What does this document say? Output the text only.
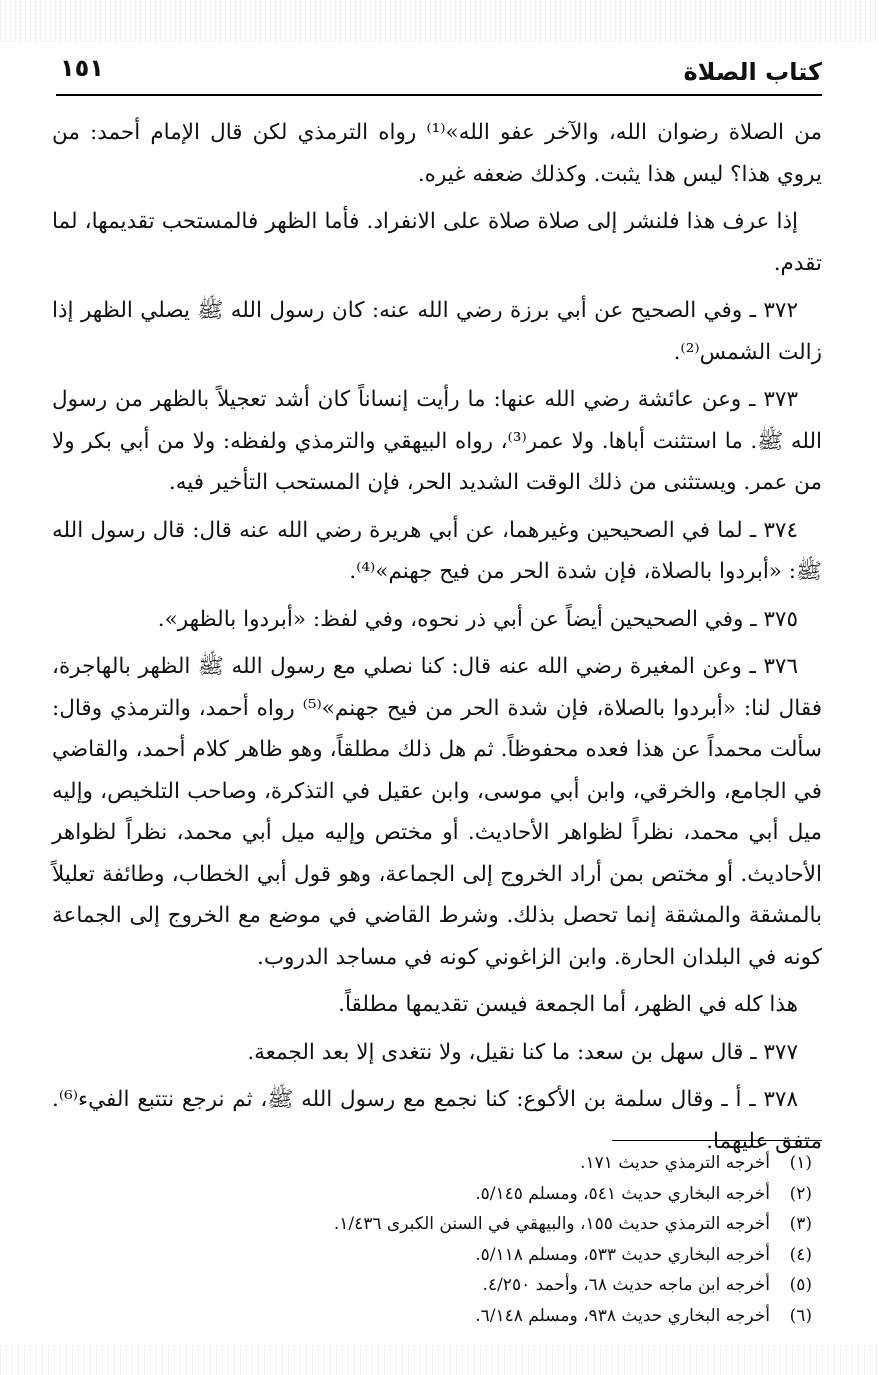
كتاب الصلاة
١٥١

من الصلاة رضوان الله، والآخر عفو الله»⁽¹⁾ رواه الترمذي لكن قال الإمام أحمد: من يروي هذا؟ ليس هذا يثبت. وكذلك ضعفه غيره.

إذا عرف هذا فلنشر إلى صلاة صلاة على الانفراد. فأما الظهر فالمستحب تقديمها، لما تقدم.

٣٧٢ ـ وفي الصحيح عن أبي برزة رضي الله عنه: كان رسول الله ﷺ يصلي الظهر إذا زالت الشمس⁽²⁾.

٣٧٣ ـ وعن عائشة رضي الله عنها: ما رأيت إنساناً كان أشد تعجيلاً بالظهر من رسول الله ﷺ. ما استثنت أباها. ولا عمر⁽³⁾، رواه البيهقي والترمذي ولفظه: ولا من أبي بكر ولا من عمر. ويستثنى من ذلك الوقت الشديد الحر، فإن المستحب التأخير فيه.

٣٧٤ ـ لما في الصحيحين وغيرهما، عن أبي هريرة رضي الله عنه قال: قال رسول الله ﷺ: «أبردوا بالصلاة، فإن شدة الحر من فيح جهنم»⁽⁴⁾.

٣٧٥ ـ وفي الصحيحين أيضاً عن أبي ذر نحوه، وفي لفظ: «أبردوا بالظهر».

٣٧٦ ـ وعن المغيرة رضي الله عنه قال: كنا نصلي مع رسول الله ﷺ الظهر بالهاجرة، فقال لنا: «أبردوا بالصلاة، فإن شدة الحر من فيح جهنم»⁽⁵⁾ رواه أحمد، والترمذي وقال: سألت محمداً عن هذا فعده محفوظاً. ثم هل ذلك مطلقاً، وهو ظاهر كلام أحمد، والقاضي في الجامع، والخرقي، وابن أبي موسى، وابن عقيل في التذكرة، وصاحب التلخيص، وإليه ميل أبي محمد، نظراً لظواهر الأحاديث. أو مختص وإليه ميل أبي محمد، نظراً لظواهر الأحاديث. أو مختص بمن أراد الخروج إلى الجماعة، وهو قول أبي الخطاب، وطائفة تعليلاً بالمشقة والمشقة إنما تحصل بذلك. وشرط القاضي في موضع مع الخروج إلى الجماعة كونه في البلدان الحارة. وابن الزاغوني كونه في مساجد الدروب.

هذا كله في الظهر، أما الجمعة فيسن تقديمها مطلقاً.

٣٧٧ ـ قال سهل بن سعد: ما كنا نقيل، ولا نتغدى إلا بعد الجمعة.

٣٧٨ ـ أ ـ وقال سلمة بن الأكوع: كنا نجمع مع رسول الله ﷺ، ثم نرجع نتتبع الفيء⁽⁶⁾. متفق عليهما.

(١)أخرجه الترمذي حديث ١٧١.
(٢)أخرجه البخاري حديث ٥٤١، ومسلم ٥/١٤٥.
(٣)أخرجه الترمذي حديث ١٥٥، والبيهقي في السنن الكبرى ١/٤٣٦.
(٤)أخرجه البخاري حديث ٥٣٣، ومسلم ٥/١١٨.
(٥)أخرجه ابن ماجه حديث ٦٨، وأحمد ٤/٢٥٠.
(٦)أخرجه البخاري حديث ٩٣٨، ومسلم ٦/١٤٨.
